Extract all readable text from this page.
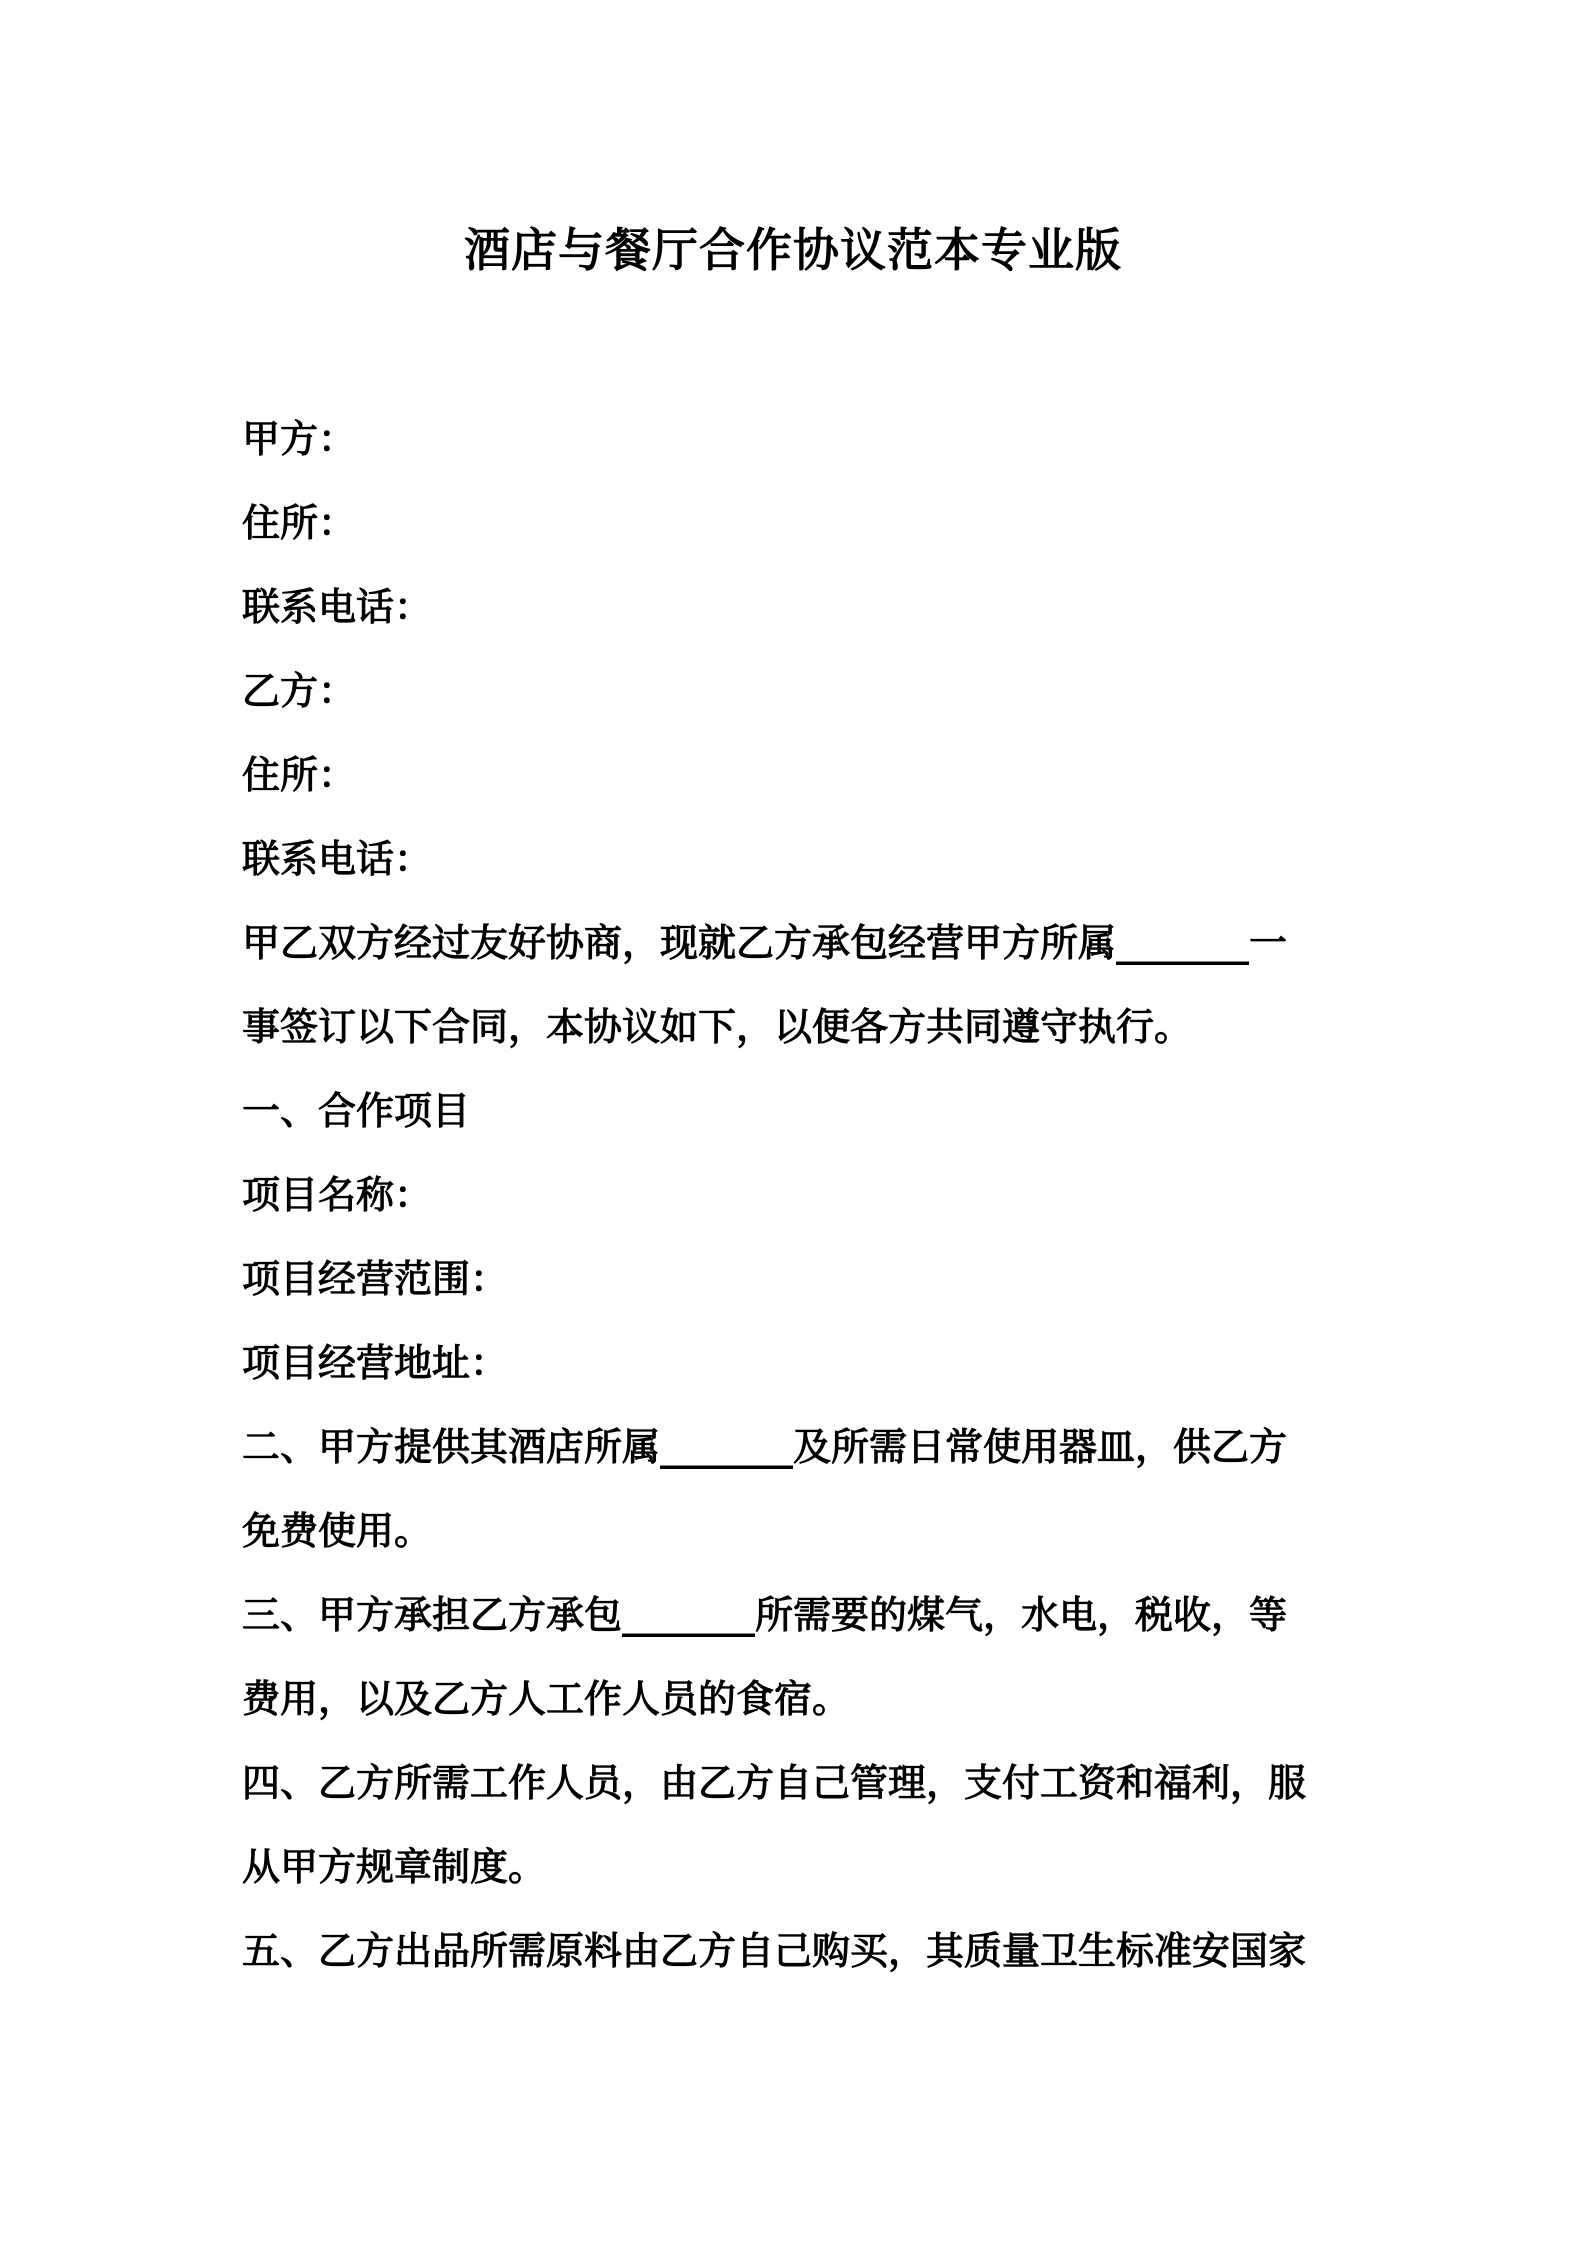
酒店与餐厅合作协议范本专业版
甲方：
住所：
联系电话：
乙方：
住所：
联系电话：
甲乙双方经过友好协商，现就乙方承包经营甲方所属_______一
事签订以下合同，本协议如下，以便各方共同遵守执行。
一、合作项目
项目名称：
项目经营范围：
项目经营地址：
二、甲方提供其酒店所属_______及所需日常使用器皿，供乙方
免费使用。
三、甲方承担乙方承包_______所需要的煤气，水电，税收，等
费用，以及乙方人工作人员的食宿。
四、乙方所需工作人员，由乙方自己管理，支付工资和福利，服
从甲方规章制度。
五、乙方出品所需原料由乙方自己购买，其质量卫生标准安国家
